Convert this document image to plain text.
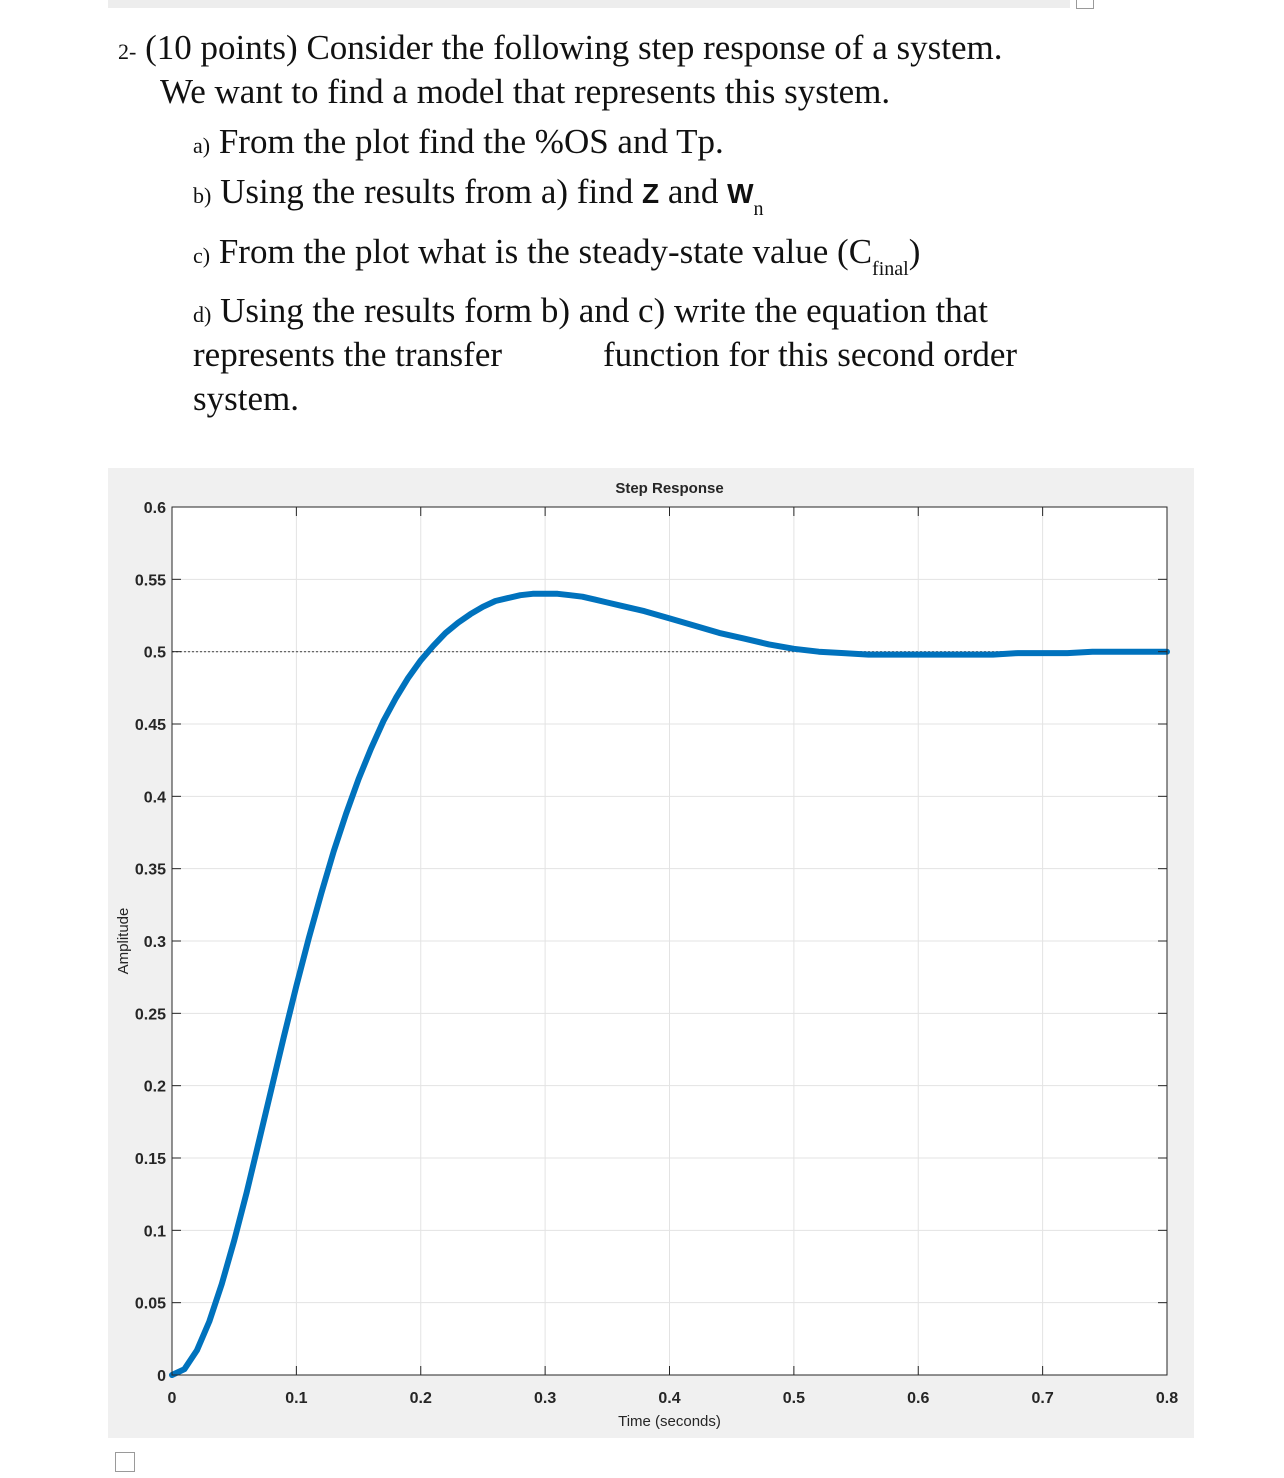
2- (10 points) Consider the following step response of a system.
We want to find a model that represents this system.
a) From the plot find the %OS and Tp.
b) Using the results from a) find Z and $W_n$
c) From the plot what is the steady-state value $(C_{final})$
d) Using the results form b) and c) write the equation that
represents the transfer	function for this second order
system.
0	0.1	0.2	0.3	0.4	0.5	0.6	0.7	0.8
0
0.05
0.1
0.15
0.2
0.25
0.3
0.35
0.4
0.45
0.5
0.55
0.6
Step Response
Time (seconds)
Amplitude
